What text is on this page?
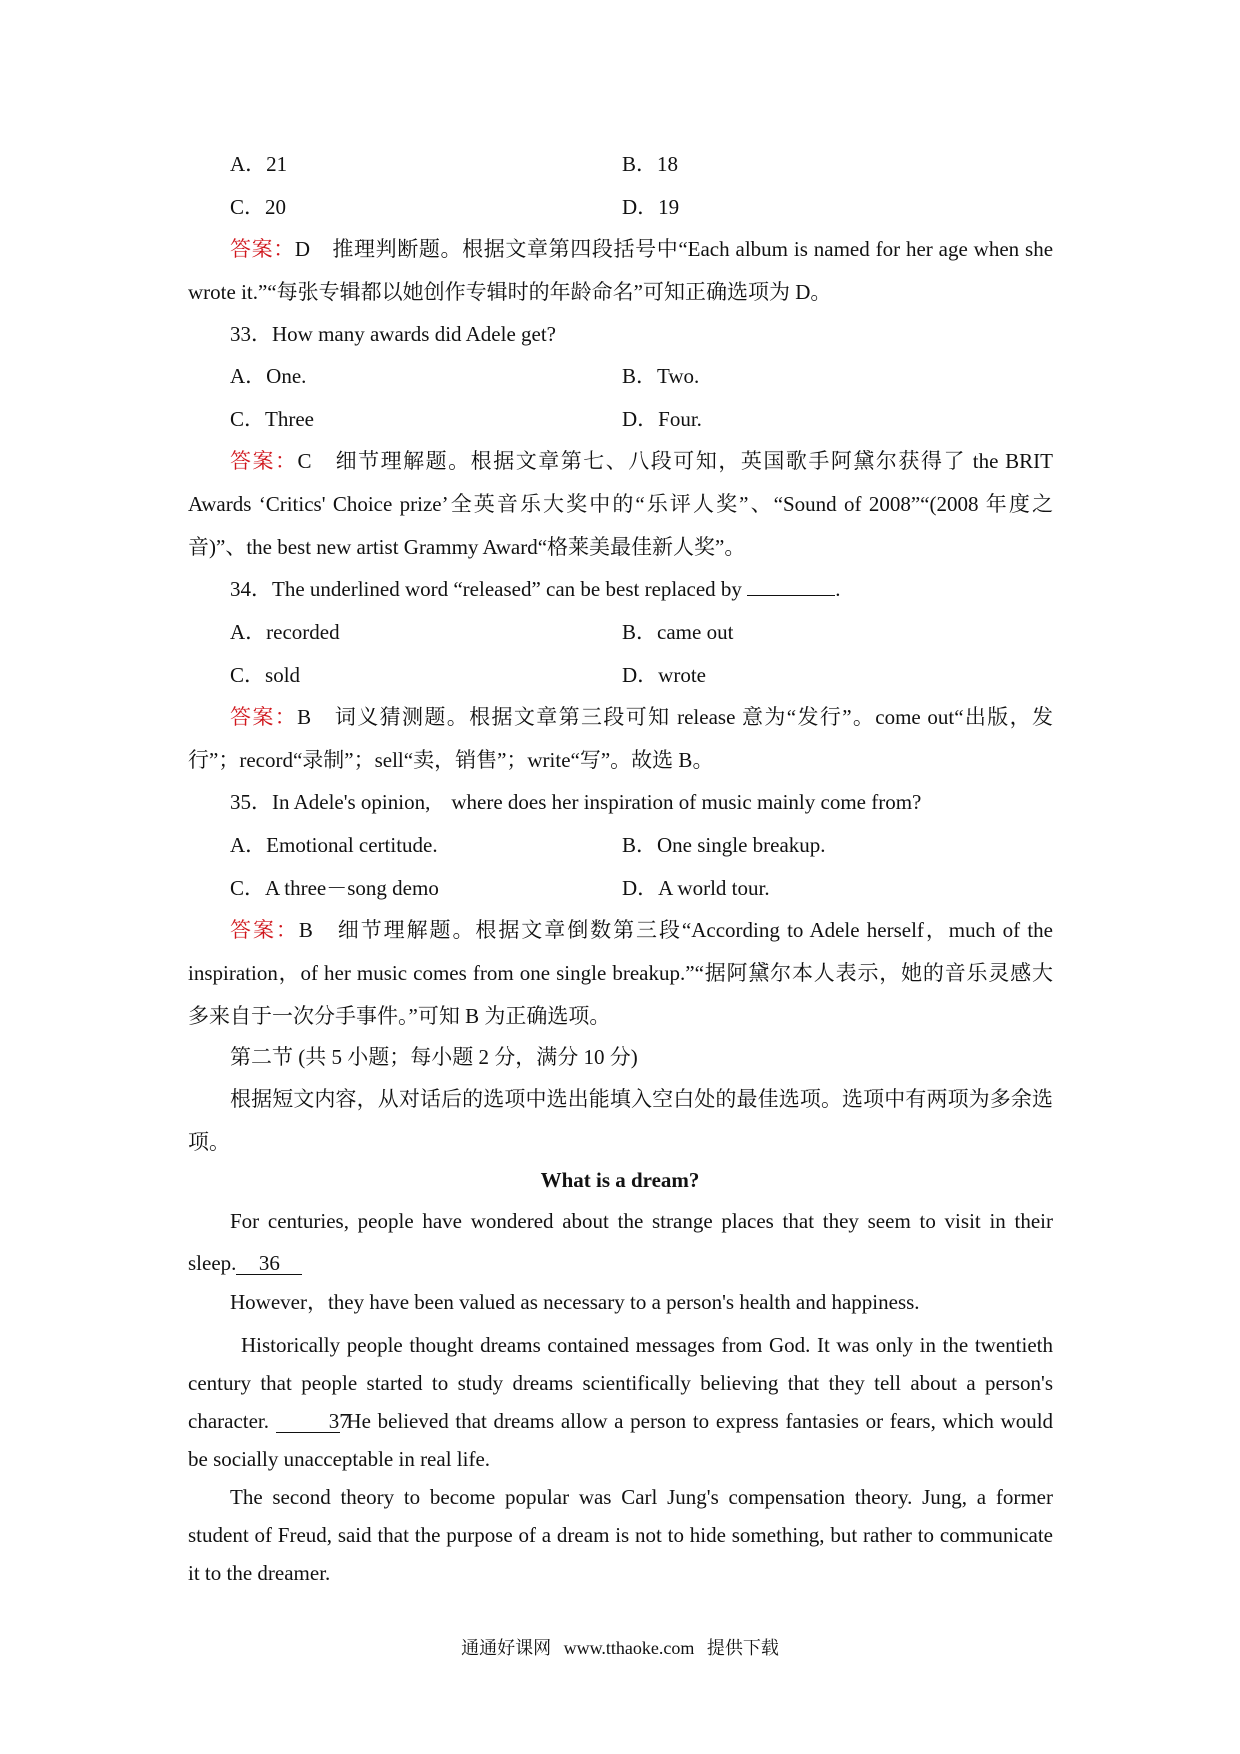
A．21	B．18
C．20	D．19
答案：D　 推理判断题。根据文章第四段括号中“Each album is named for her age when she wrote it.”“每张专辑都以她创作专辑时的年龄命名”可知正确选项为 D。
33．How many awards did Adele get?
A．One.	B．Two.
C．Three	D．Four.
答案：C　 细节理解题。根据文章第七、八段可知，英国歌手阿黛尔获得了 the BRIT Awards ‘Critics' Choice prize’全英音乐大奖中的“乐评人奖”、“Sound of 2008”“(2008 年度之音)”、the best new artist Grammy Award“格莱美最佳新人奖”。
34．The underlined word “released” can be best replaced by	.
A．recorded	B．came out
C．sold	D．wrote
答案：B　 词义猜测题。根据文章第三段可知 release 意为“发行”。come out“出版，发行”；record“录制”；sell“卖，销售”；write“写”。故选 B。
35．In Adele's opinion,　where does her inspiration of music mainly come from?
A．Emotional certitude.	B．One single breakup.
C．A three－song demo	D．A world tour.
答案：B　 细节理解题。根据文章倒数第三段“According to Adele herself，much of the inspiration，of her music comes from one single breakup.”“据阿黛尔本人表示，她的音乐灵感大多来自于一次分手事件。”可知 B 为正确选项。
第二节 (共 5 小题；每小题 2 分，满分 10 分)
根据短文内容，从对话后的选项中选出能填入空白处的最佳选项。选项中有两项为多余选项。
What is a dream?
For centuries, people have wondered about the strange places that they seem to visit in their
sleep. 36
However，they have been valued as necessary to a person's health and happiness.
Historically people thought dreams contained messages from God. It was only in the twentieth century that people started to study dreams scientifically believing that they tell about a person's character.	37 He believed that dreams allow a person to express fantasies or fears, which would be socially unacceptable in real life.
The second theory to become popular was Carl Jung's compensation theory. Jung, a former student of Freud, said that the purpose of a dream is not to hide something, but rather to communicate it to the dreamer.
通通好课网 www.tthaoke.com 提供下载
